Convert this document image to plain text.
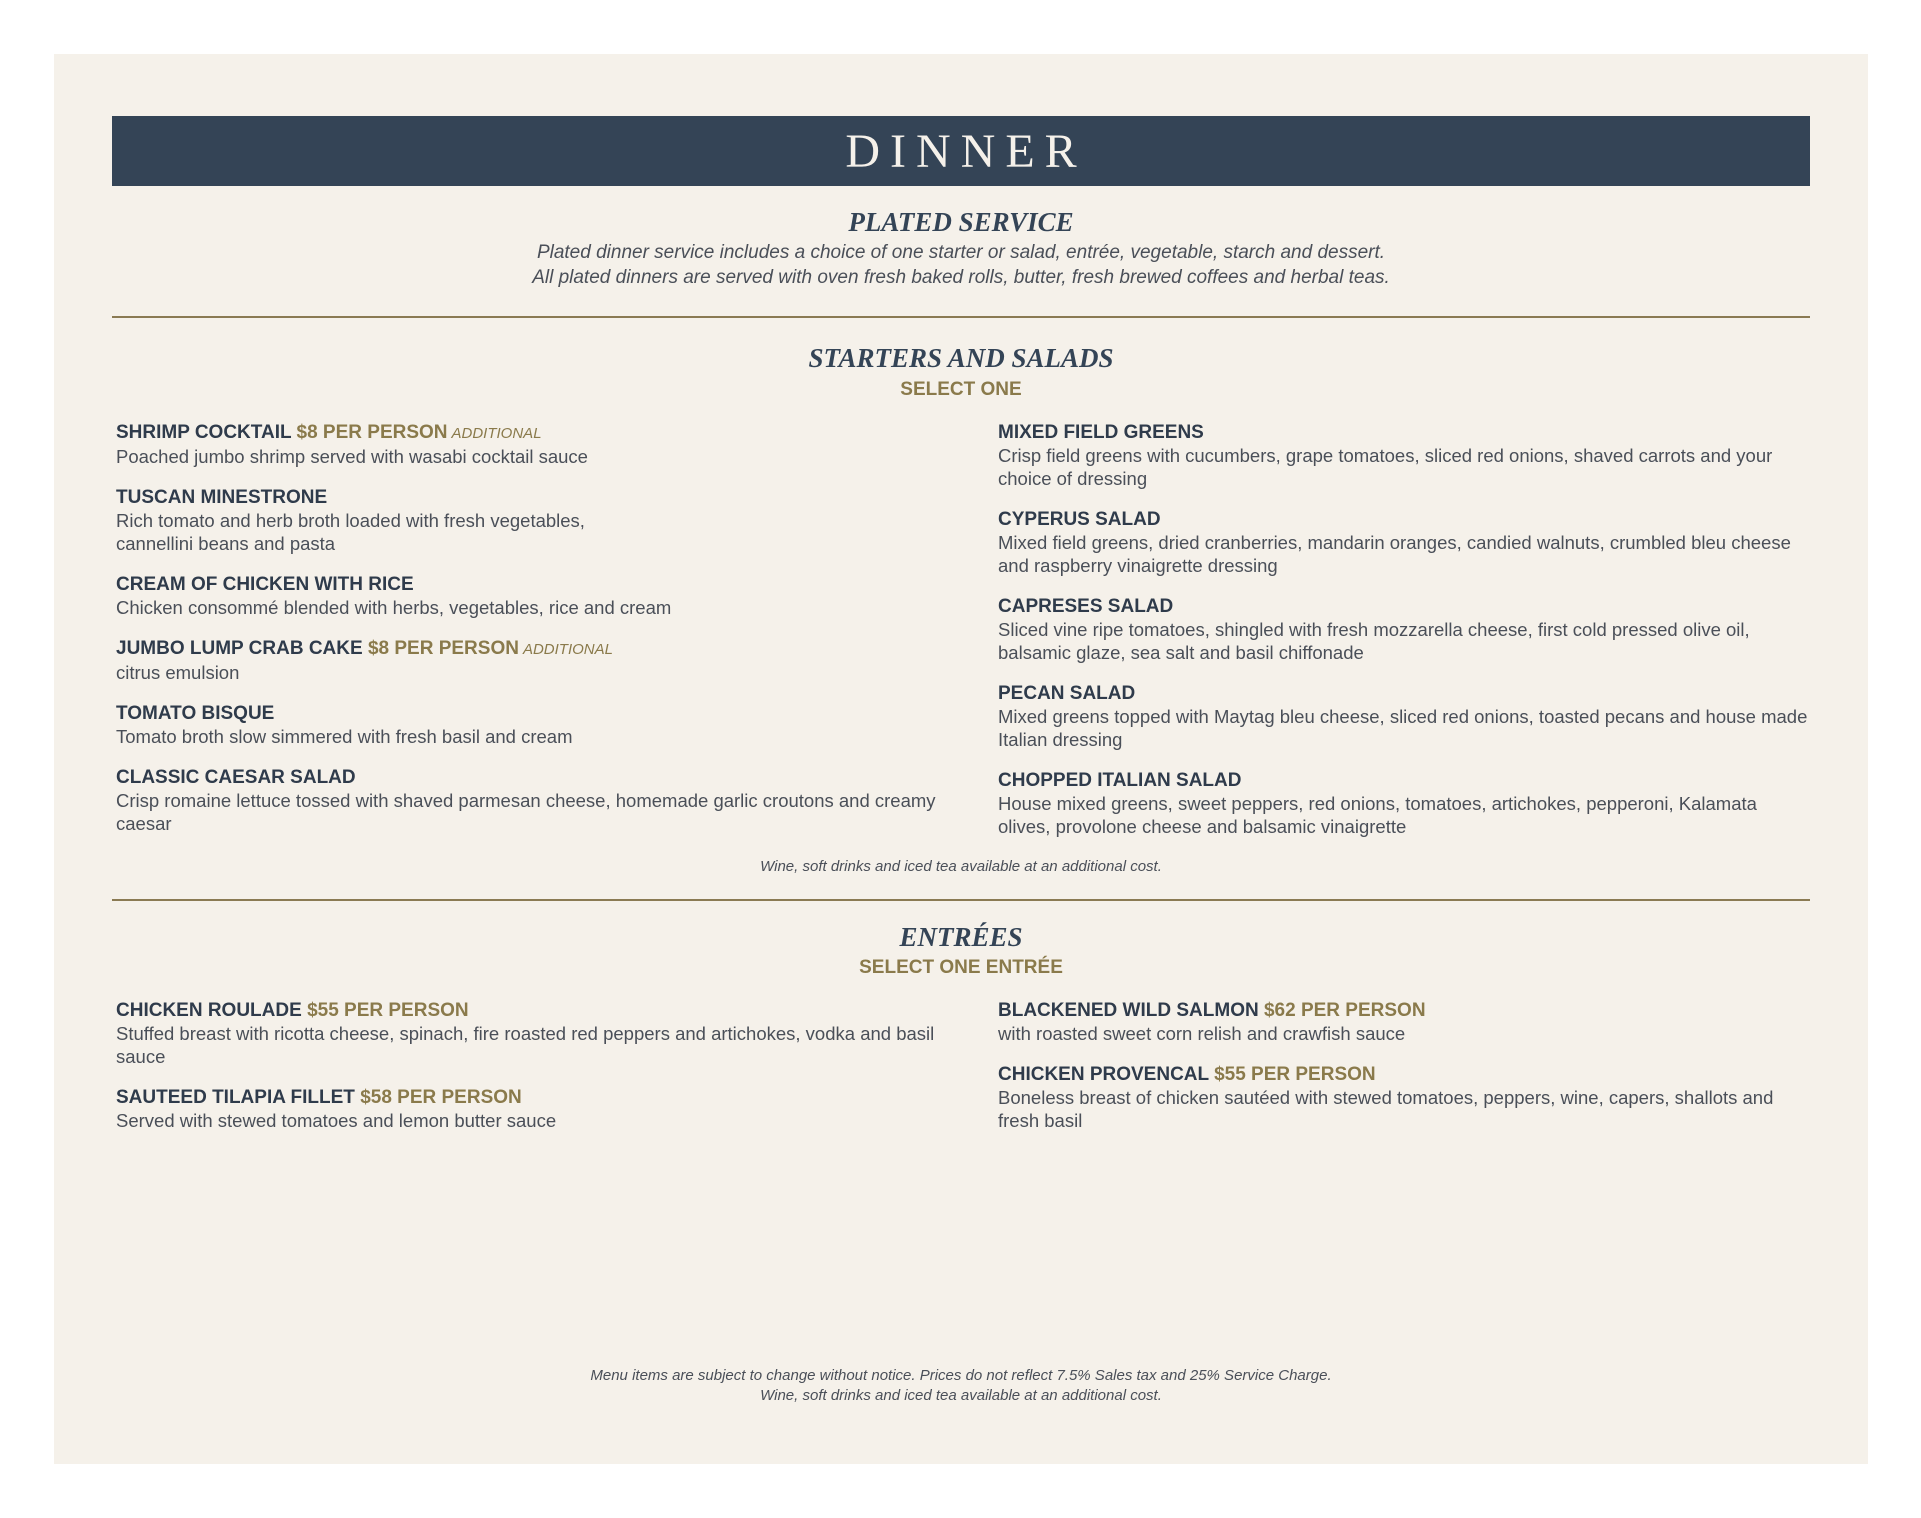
DINNER
PLATED SERVICE
Plated dinner service includes a choice of one starter or salad, entrée, vegetable, starch and dessert.
All plated dinners are served with oven fresh baked rolls, butter, fresh brewed coffees and herbal teas.
STARTERS AND SALADS
SELECT ONE
SHRIMP COCKTAIL $8 PER PERSON ADDITIONAL
Poached jumbo shrimp served with wasabi cocktail sauce
TUSCAN MINESTRONE
Rich tomato and herb broth loaded with fresh vegetables,
cannellini beans and pasta
CREAM OF CHICKEN WITH RICE
Chicken consommé blended with herbs, vegetables, rice and cream
JUMBO LUMP CRAB CAKE $8 PER PERSON ADDITIONAL
citrus emulsion
TOMATO BISQUE
Tomato broth slow simmered with fresh basil and cream
CLASSIC CAESAR SALAD
Crisp romaine lettuce tossed with shaved parmesan cheese, homemade garlic croutons and creamy caesar
MIXED FIELD GREENS
Crisp field greens with cucumbers, grape tomatoes, sliced red onions, shaved carrots and your choice of dressing
CYPERUS SALAD
Mixed field greens, dried cranberries, mandarin oranges, candied walnuts, crumbled bleu cheese and raspberry vinaigrette dressing
CAPRESES SALAD
Sliced vine ripe tomatoes, shingled with fresh mozzarella cheese, first cold pressed olive oil, balsamic glaze, sea salt and basil chiffonade
PECAN SALAD
Mixed greens topped with Maytag bleu cheese, sliced red onions, toasted pecans and house made Italian dressing
CHOPPED ITALIAN SALAD
House mixed greens, sweet peppers, red onions, tomatoes, artichokes, pepperoni, Kalamata olives, provolone cheese and balsamic vinaigrette
Wine, soft drinks and iced tea available at an additional cost.
ENTRÉES
SELECT ONE ENTRÉE
CHICKEN ROULADE $55 PER PERSON
Stuffed breast with ricotta cheese, spinach, fire roasted red peppers and artichokes, vodka and basil sauce
SAUTEED TILAPIA FILLET $58 PER PERSON
Served with stewed tomatoes and lemon butter sauce
BLACKENED WILD SALMON $62 PER PERSON
with roasted sweet corn relish and crawfish sauce
CHICKEN PROVENCAL $55 PER PERSON
Boneless breast of chicken sautéed with stewed tomatoes, peppers, wine, capers, shallots and fresh basil
Menu items are subject to change without notice. Prices do not reflect 7.5% Sales tax and 25% Service Charge.
Wine, soft drinks and iced tea available at an additional cost.
